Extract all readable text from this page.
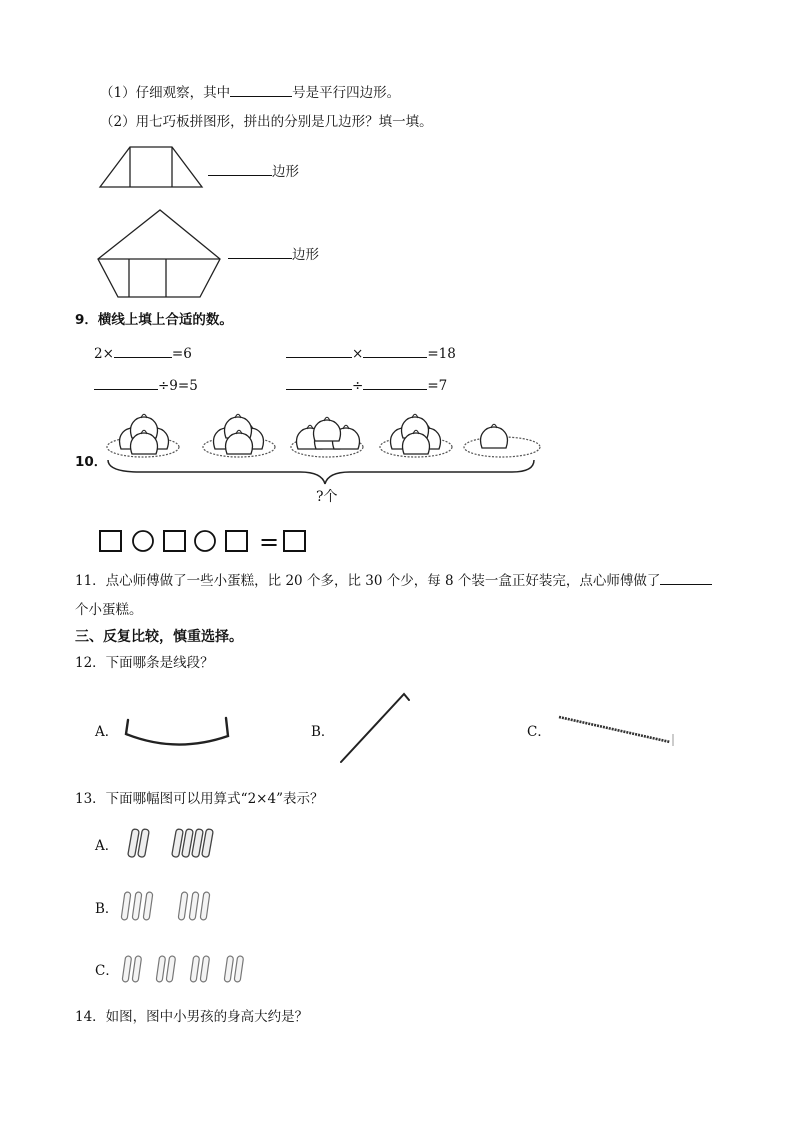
（1）仔细观察，其中	号是平行四边形。
（2）用七巧板拼图形，拼出的分别是几边形？填一填。
边形
边形
9．横线上填上合适的数。
2×	=6	×	=18
÷9=5	÷	=7
10．
?个
=
11．点心师傅做了一些小蛋糕，比 20 个多，比 30 个少，每 8 个装一盒正好装完，点心师傅做了
个小蛋糕。
三、反复比较，慎重选择。
12．下面哪条是线段？
A．	B．	C．
13．下面哪幅图可以用算式“2×4”表示？
A．
B．
C．
14．如图，图中小男孩的身高大约是？
